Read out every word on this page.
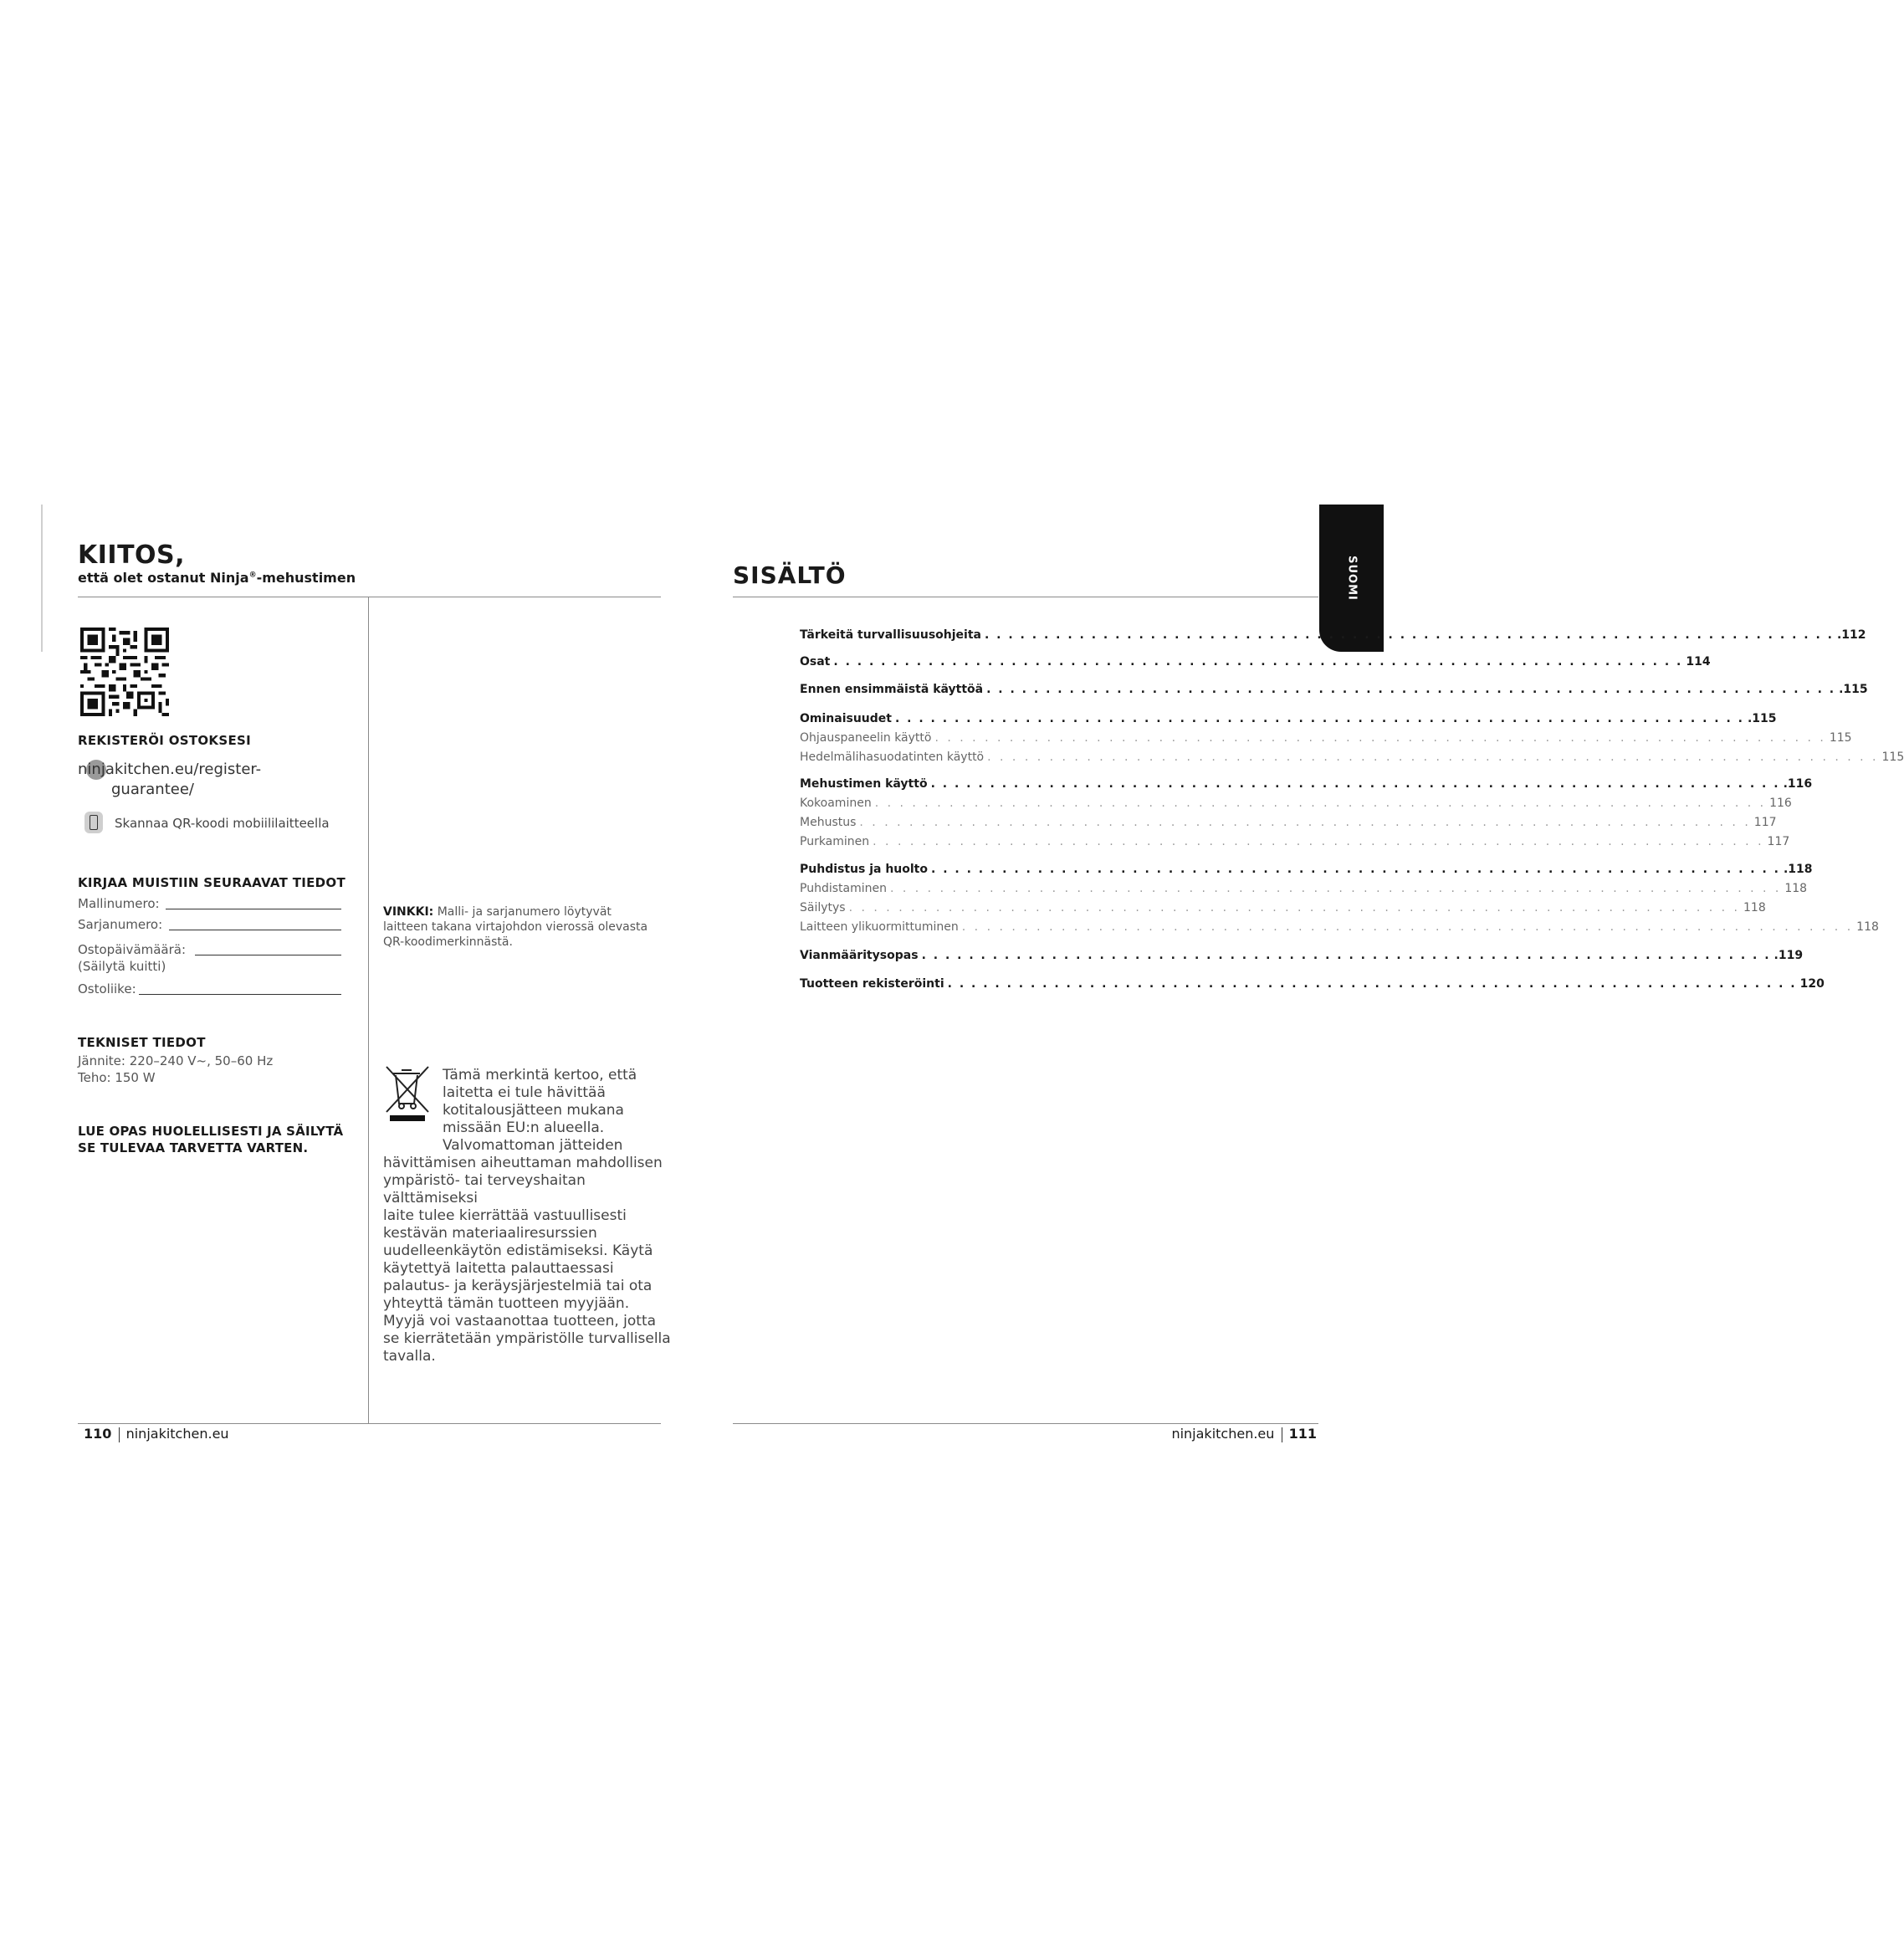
KIITOS,
että olet ostanut Ninja®-mehustimen
REKISTERÖI OSTOKSESI
ninjakitchen.eu/register-
guarantee/
Skannaa QR-koodi mobiililaitteella
KIRJAA MUISTIIN SEURAAVAT TIEDOT
Mallinumero:
Sarjanumero:
Ostopäivämäärä:
(Säilytä kuitti)
Ostoliike:
VINKKI: Malli- ja sarjanumero löytyvät laitteen takana virtajohdon vierossä olevasta QR-koodimerkinnästä.
TEKNISET TIEDOT
Jännite: 220–240 V~, 50–60 Hz
Teho: 150 W
LUE OPAS HUOLELLISESTI JA SÄILYTÄ
SE TULEVAA TARVETTA VARTEN.
Tämä merkintä kertoo, että
laitetta ei tule hävittää
kotitalousjätteen mukana
missään EU:n alueella.
Valvomattoman jätteiden
hävittämisen aiheuttaman mahdollisen
ympäristö- tai terveyshaitan välttämiseksi
laite tulee kierrättää vastuullisesti
kestävän materiaaliresurssien
uudelleenkäytön edistämiseksi. Käytä
käytettyä laitetta palauttaessasi
palautus- ja keräysjärjestelmiä tai ota
yhteyttä tämän tuotteen myyjään.
Myyjä voi vastaanottaa tuotteen, jotta
se kierrätetään ympäristölle turvallisella
tavalla.
110 ninjakitchen.eu
SISÄLTÖ	SUOMI
Tärkeitä turvallisuusohjeita . . . . . . . . . . . . . . . . . . . . . . . . . . . . . . . . . . . . . . . . . . . . . . . . . . . . . . . . . . . . . . . . . . . . . . . . .112
Osat . . . . . . . . . . . . . . . . . . . . . . . . . . . . . . . . . . . . . . . . . . . . . . . . . . . . . . . . . . . . . . . . . . . . . . . . 114
Ennen ensimmäistä käyttöä . . . . . . . . . . . . . . . . . . . . . . . . . . . . . . . . . . . . . . . . . . . . . . . . . . . . . . . . . . . . . . . . . . . . . . . . .115
Ominaisuudet . . . . . . . . . . . . . . . . . . . . . . . . . . . . . . . . . . . . . . . . . . . . . . . . . . . . . . . . . . . . . . . . . . . . . . . . .115
Ohjauspaneelin käyttö . . . . . . . . . . . . . . . . . . . . . . . . . . . . . . . . . . . . . . . . . . . . . . . . . . . . . . . . . . . . . . . . . . . . . . . . 115
Hedelmälihasuodatinten käyttö . . . . . . . . . . . . . . . . . . . . . . . . . . . . . . . . . . . . . . . . . . . . . . . . . . . . . . . . . . . . . . . . . . . . . . . . 115
Mehustimen käyttö . . . . . . . . . . . . . . . . . . . . . . . . . . . . . . . . . . . . . . . . . . . . . . . . . . . . . . . . . . . . . . . . . . . . . . . . .116
Kokoaminen . . . . . . . . . . . . . . . . . . . . . . . . . . . . . . . . . . . . . . . . . . . . . . . . . . . . . . . . . . . . . . . . . . . . . . . . 116
Mehustus . . . . . . . . . . . . . . . . . . . . . . . . . . . . . . . . . . . . . . . . . . . . . . . . . . . . . . . . . . . . . . . . . . . . . . . . 117
Purkaminen . . . . . . . . . . . . . . . . . . . . . . . . . . . . . . . . . . . . . . . . . . . . . . . . . . . . . . . . . . . . . . . . . . . . . . . . 117
Puhdistus ja huolto . . . . . . . . . . . . . . . . . . . . . . . . . . . . . . . . . . . . . . . . . . . . . . . . . . . . . . . . . . . . . . . . . . . . . . . . .118
Puhdistaminen . . . . . . . . . . . . . . . . . . . . . . . . . . . . . . . . . . . . . . . . . . . . . . . . . . . . . . . . . . . . . . . . . . . . . . . . 118
Säilytys . . . . . . . . . . . . . . . . . . . . . . . . . . . . . . . . . . . . . . . . . . . . . . . . . . . . . . . . . . . . . . . . . . . . . . . . 118
Laitteen ylikuormittuminen . . . . . . . . . . . . . . . . . . . . . . . . . . . . . . . . . . . . . . . . . . . . . . . . . . . . . . . . . . . . . . . . . . . . . . . . 118
Vianmääritysopas . . . . . . . . . . . . . . . . . . . . . . . . . . . . . . . . . . . . . . . . . . . . . . . . . . . . . . . . . . . . . . . . . . . . . . . . .119
Tuotteen rekisteröinti . . . . . . . . . . . . . . . . . . . . . . . . . . . . . . . . . . . . . . . . . . . . . . . . . . . . . . . . . . . . . . . . . . . . . . . . 120
ninjakitchen.eu 111
